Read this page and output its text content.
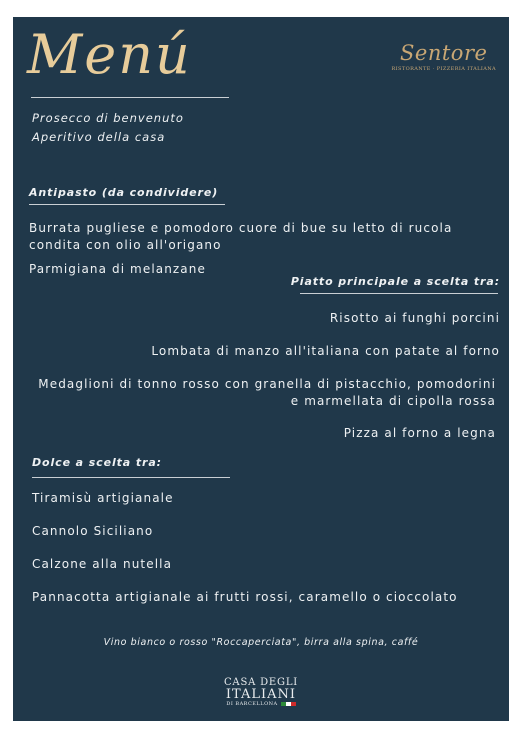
Menú	Sentore
RISTORANTE · PIZZERIA ITALIANA
Prosecco di benvenuto
Aperitivo della casa
Antipasto (da condividere)
Burrata pugliese e pomodoro cuore di bue su letto di rucola
condita con olio all'origano
Parmigiana di melanzane
Piatto principale a scelta tra:
Risotto ai funghi porcini
Lombata di manzo all'italiana con patate al forno
Medaglioni di tonno rosso con granella di pistacchio, pomodorini
e marmellata di cipolla rossa
Pizza al forno a legna
Dolce a scelta tra:
Tiramisù artigianale
Cannolo Siciliano
Calzone alla nutella
Pannacotta artigianale ai frutti rossi, caramello o cioccolato
Vino bianco o rosso "Roccaperciata", birra alla spina, caffé
CASA DEGLI
ITALIANI
DI BARCELLONA
